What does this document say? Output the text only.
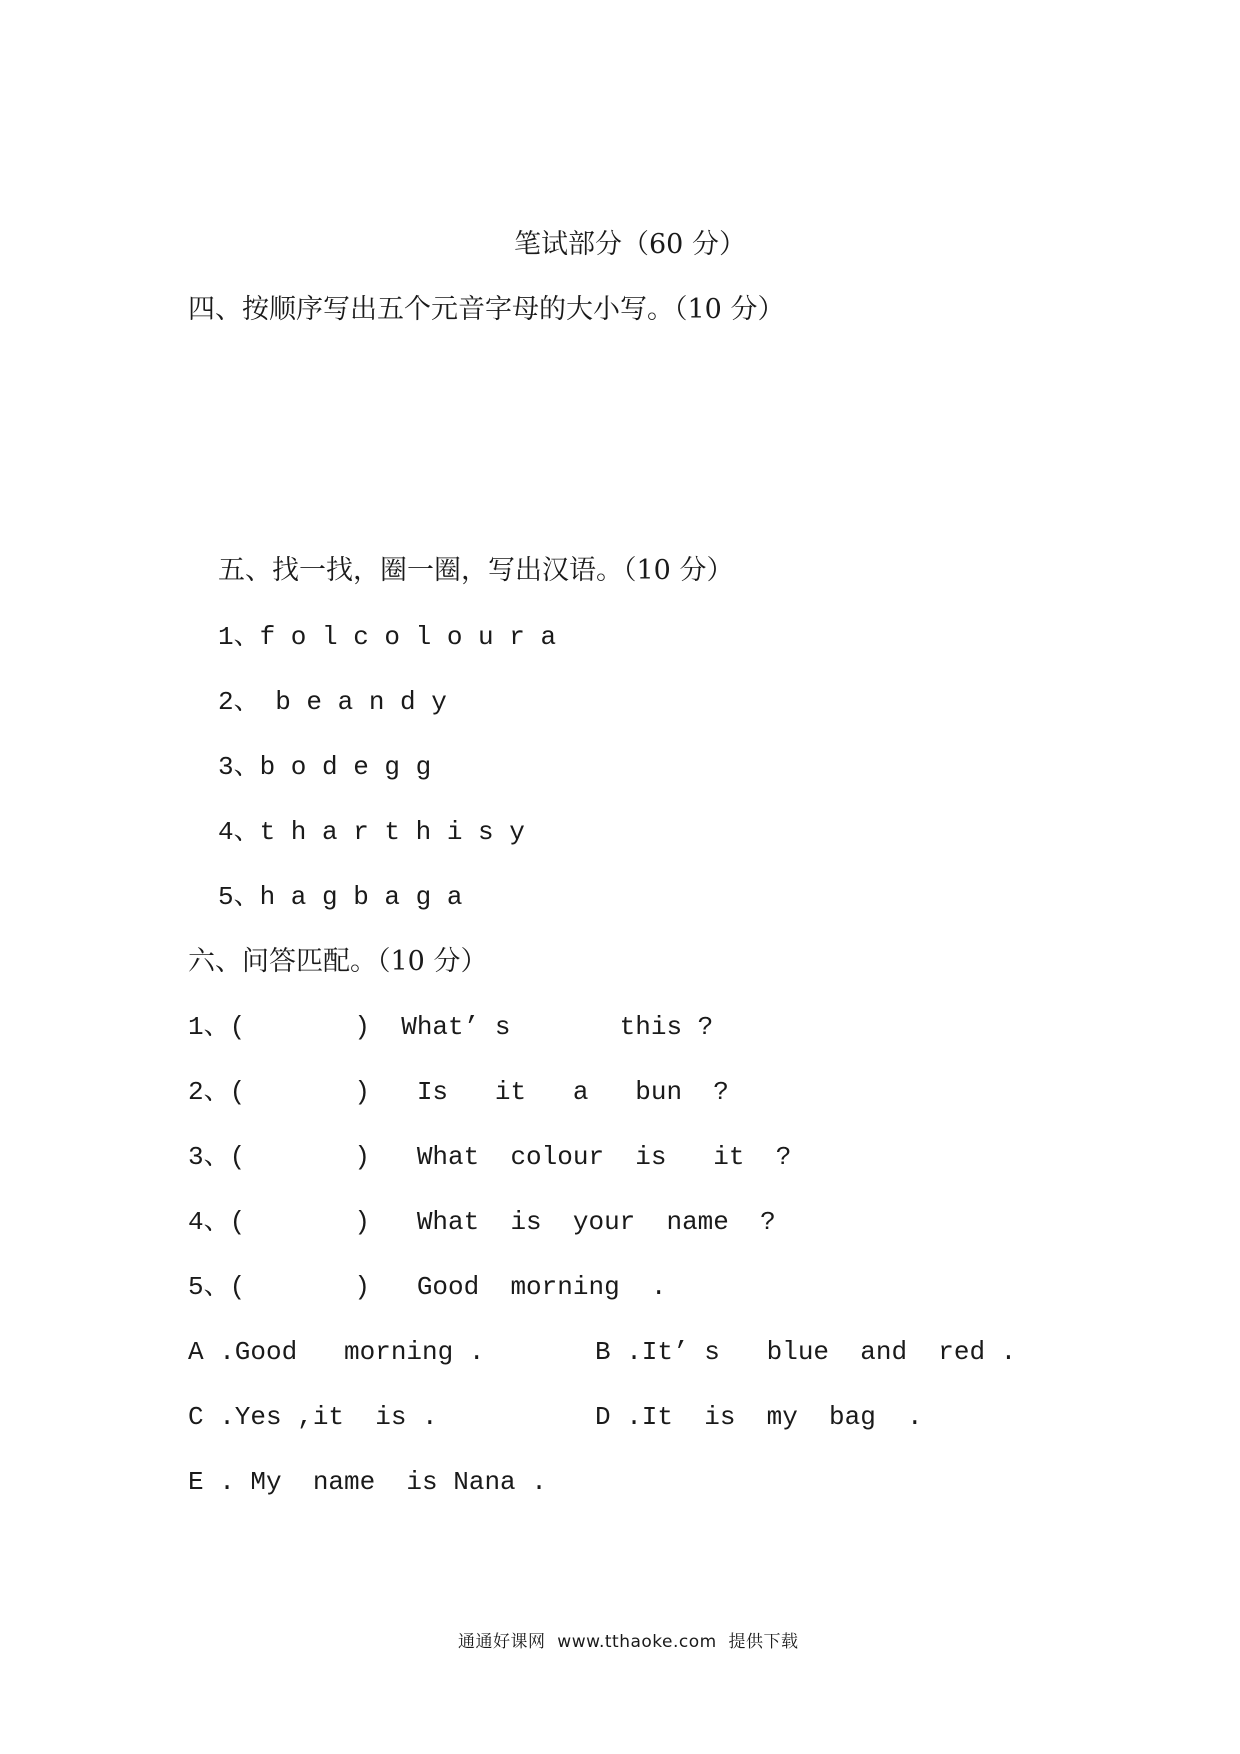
笔试部分（60 分）
四、按顺序写出五个元音字母的大小写。（10 分）
五、找一找，圈一圈，写出汉语。（10 分）
1、f o l c o l o u r a
2、 b e a n d y
3、b o d e g g
4、t h a r t h i s y
5、h a g b a g a
六、问答匹配。（10 分）
1、(       )  What’ s       this ?
2、(       )   Is   it   a   bun  ?
3、(       )   What  colour  is   it  ?
4、(       )   What  is  your  name  ?
5、(       )   Good  morning  .
A .Good   morning .	B .It’ s   blue  and  red .
C .Yes ,it  is .	D .It  is  my  bag  .
E . My  name  is Nana .
通通好课网  www.tthaoke.com  提供下载
